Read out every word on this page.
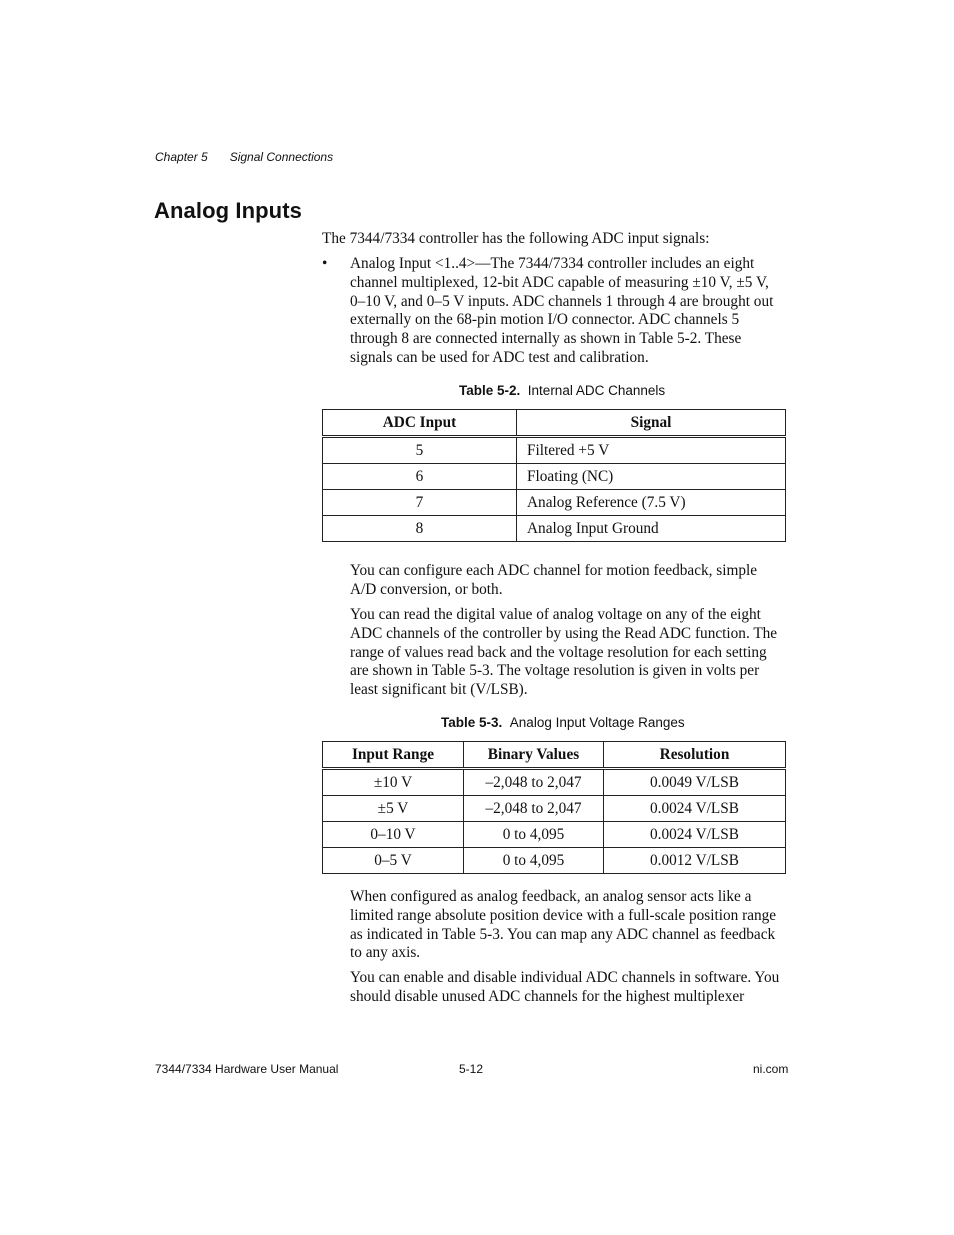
Chapter 5 Signal Connections
Analog Inputs
The 7344/7334 controller has the following ADC input signals:
• Analog Input <1..4>—The 7344/7334 controller includes an eight channel multiplexed, 12-bit ADC capable of measuring ±10 V, ±5 V, 0–10 V, and 0–5 V inputs. ADC channels 1 through 4 are brought out externally on the 68-pin motion I/O connector. ADC channels 5 through 8 are connected internally as shown in Table 5-2. These signals can be used for ADC test and calibration.
Table 5-2. Internal ADC Channels
ADC Input	Signal
5	Filtered +5 V
6	Floating (NC)
7	Analog Reference (7.5 V)
8	Analog Input Ground
You can configure each ADC channel for motion feedback, simple A/D conversion, or both.
You can read the digital value of analog voltage on any of the eight ADC channels of the controller by using the Read ADC function. The range of values read back and the voltage resolution for each setting are shown in Table 5-3. The voltage resolution is given in volts per least significant bit (V/LSB).
Table 5-3. Analog Input Voltage Ranges
Input Range	Binary Values	Resolution
±10 V	–2,048 to 2,047	0.0049 V/LSB
±5 V	–2,048 to 2,047	0.0024 V/LSB
0–10 V	0 to 4,095	0.0024 V/LSB
0–5 V	0 to 4,095	0.0012 V/LSB
When configured as analog feedback, an analog sensor acts like a limited range absolute position device with a full-scale position range as indicated in Table 5-3. You can map any ADC channel as feedback to any axis.
You can enable and disable individual ADC channels in software. You should disable unused ADC channels for the highest multiplexer
7344/7334 Hardware User Manual	5-12	ni.com
